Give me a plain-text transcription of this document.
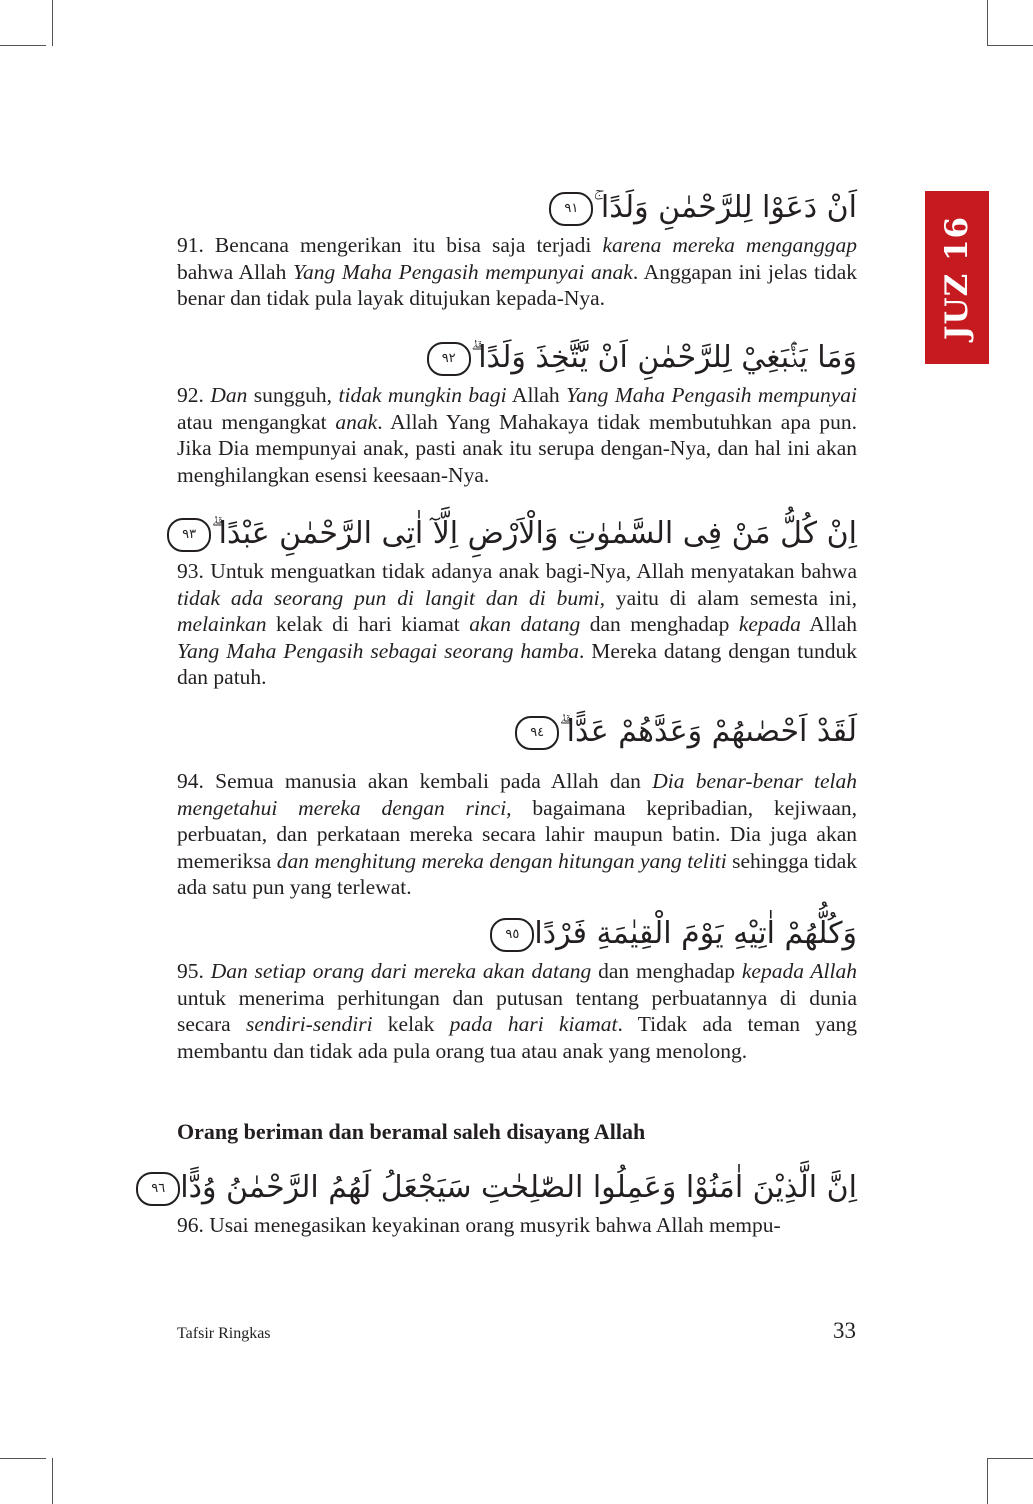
JUZ 16
اَنْ دَعَوْا لِلرَّحْمٰنِ وَلَدًا ۚ٩١

91. Bencana mengerikan itu bisa saja terjadi karena mereka menganggap bahwa Allah Yang Maha Pengasih mempunyai anak. Anggapan ini jelas tidak benar dan tidak pula layak ditujukan kepada-Nya.

وَمَا يَنْۢبَغِيْ لِلرَّحْمٰنِ اَنْ يَّتَّخِذَ وَلَدًا ۗ٩٢

92. Dan sungguh, tidak mungkin bagi Allah Yang Maha Pengasih mempunyai atau mengangkat anak. Allah Yang Mahakaya tidak membutuhkan apa pun. Jika Dia mempunyai anak, pasti anak itu serupa dengan-Nya, dan hal ini akan menghilangkan esensi keesaan-Nya.

اِنْ كُلُّ مَنْ فِى السَّمٰوٰتِ وَالْاَرْضِ اِلَّآ اٰتِى الرَّحْمٰنِ عَبْدًا ۗ٩٣

93. Untuk menguatkan tidak adanya anak bagi-Nya, Allah menyatakan bahwa tidak ada seorang pun di langit dan di bumi, yaitu di alam semesta ini, melainkan kelak di hari kiamat akan datang dan menghadap kepada Allah Yang Maha Pengasih sebagai seorang hamba. Mereka datang dengan tunduk dan patuh.

لَقَدْ اَحْصٰىهُمْ وَعَدَّهُمْ عَدًّا ۗ٩٤

94. Semua manusia akan kembali pada Allah dan Dia benar-benar telah mengetahui mereka dengan rinci, bagaimana kepribadian, kejiwaan, perbuatan, dan perkataan mereka secara lahir maupun batin. Dia juga akan memeriksa dan menghitung mereka dengan hitungan yang teliti sehingga tidak ada satu pun yang terlewat.

وَكُلُّهُمْ اٰتِيْهِ يَوْمَ الْقِيٰمَةِ فَرْدًا٩٥

95. Dan setiap orang dari mereka akan datang dan menghadap kepada Allah untuk menerima perhitungan dan putusan tentang perbuatannya di dunia secara sendiri-sendiri kelak pada hari kiamat. Tidak ada teman yang membantu dan tidak ada pula orang tua atau anak yang menolong.

اِنَّ الَّذِيْنَ اٰمَنُوْا وَعَمِلُوا الصّٰلِحٰتِ سَيَجْعَلُ لَهُمُ الرَّحْمٰنُ وُدًّا٩٦

96. Usai menegasikan keyakinan orang musyrik bahwa Allah mempu-

Orang beriman dan beramal saleh disayang Allah
Tafsir Ringkas	33
